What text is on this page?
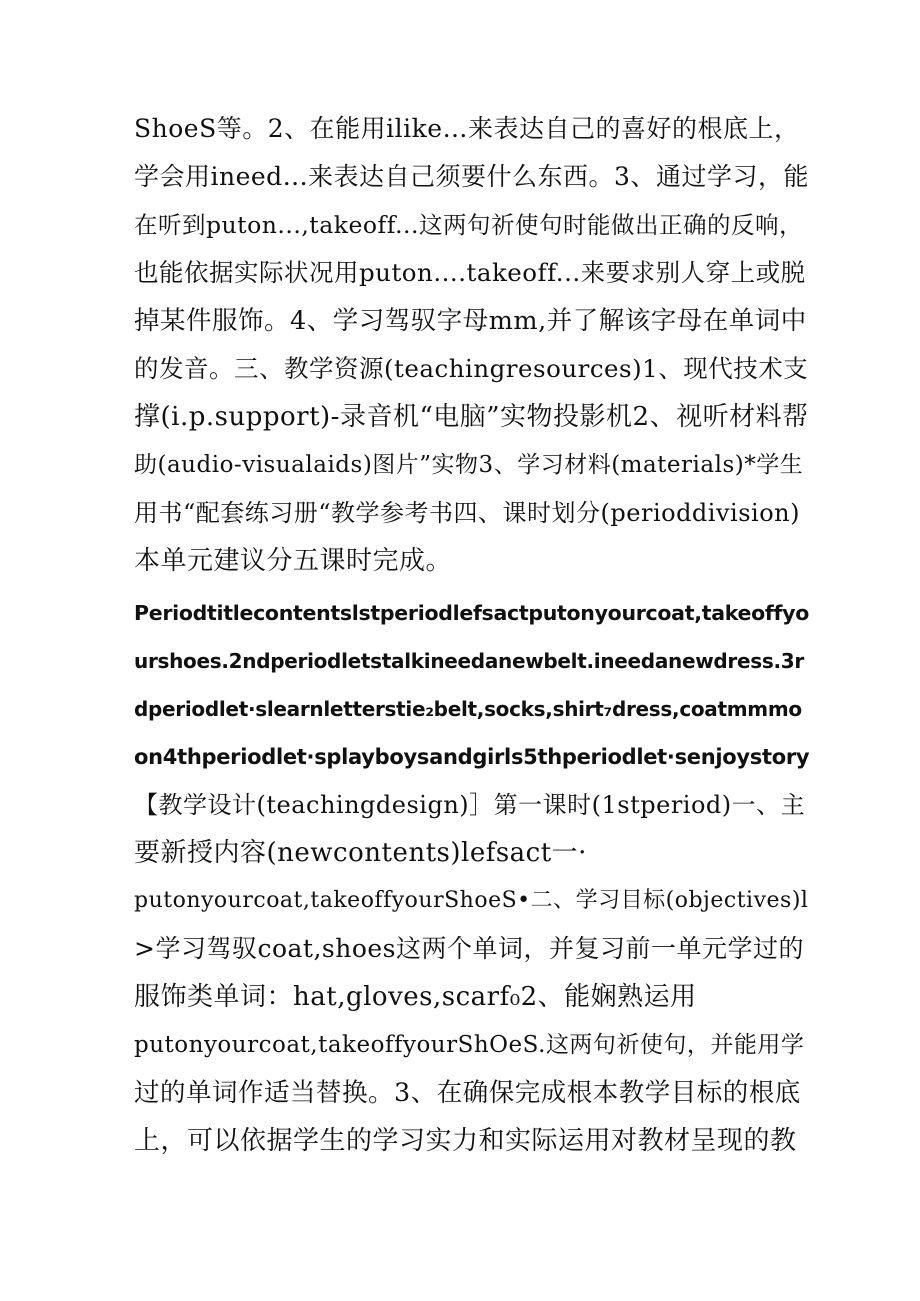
ShoeS等。2、在能用ilike…来表达自己的喜好的根底上，
学会用ineed...来表达自己须要什么东西。3、通过学习，能
在听到puton...,takeoff...这两句祈使句时能做出正确的反响，
也能依据实际状况用puton....takeoff...来要求别人穿上或脱
掉某件服饰。4、学习驾驭字母mm,并了解该字母在单词中
的发音。三、教学资源(teachingresources)1、现代技术支
撑(i.p.support)-录音机“电脑”实物投影机2、视听材料帮
助(audio-visualaids)图片”实物3、学习材料(materials)*学生
用书“配套练习册“教学参考书四、课时划分(perioddivision)
本单元建议分五课时完成。
Periodtitlecontentslstperiodlefsactputonyourcoat,takeoffyo
urshoes.2ndperiodletstalkineedanewbelt.ineedanewdress.3r
dperiodlet·slearnletterstie₂belt,socks,shirt₇dress,coatmmmo
on4thperiodlet·splayboysandgirls5thperiodlet·senjoystory
【教学设计(teachingdesign)］第一课时(1stperiod)一、主
要新授内容(newcontents)lefsact一·
putonyourcoat,takeoffyourShoeS•二、学习目标(objectives)l
>学习驾驭coat,shoes这两个单词，并复习前一单元学过的
服饰类单词：hat,gloves,scarf₀2、能娴熟运用
putonyourcoat,takeoffyourShOeS.这两句祈使句，并能用学
过的单词作适当替换。3、在确保完成根本教学目标的根底
上，可以依据学生的学习实力和实际运用对教材呈现的教
